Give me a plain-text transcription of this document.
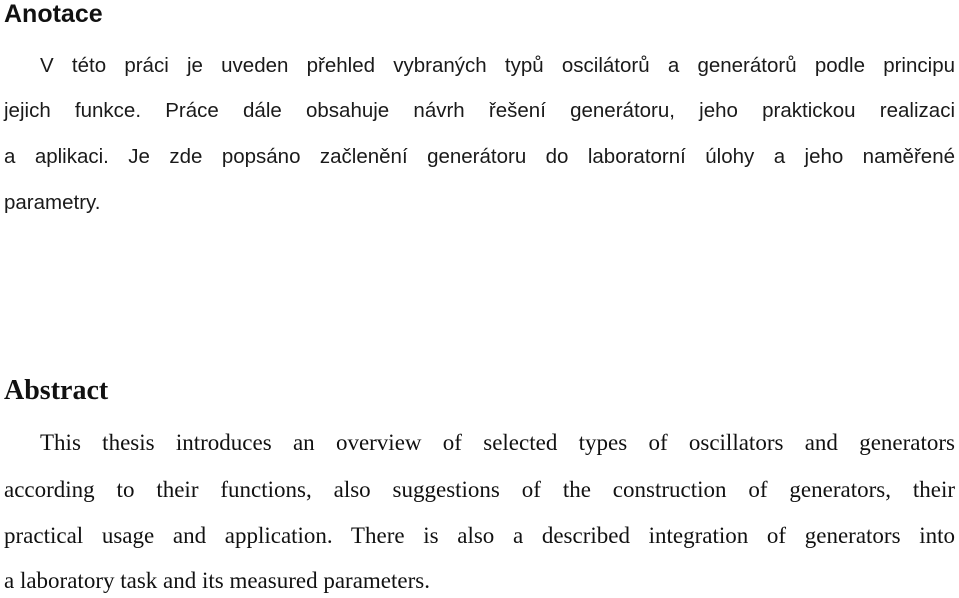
Anotace

V této práci je uveden přehled vybraných typů oscilátorů a generátorů podle principu

jejich funkce. Práce dále obsahuje návrh řešení generátoru, jeho praktickou realizaci

a aplikaci. Je zde popsáno začlenění generátoru do laboratorní úlohy a jeho naměřené

parametry.

Abstract

This thesis introduces an overview of selected types of oscillators and generators

according to their functions, also suggestions of the construction of generators, their

practical usage and application. There is also a described integration of generators into

a laboratory task and its measured parameters.
